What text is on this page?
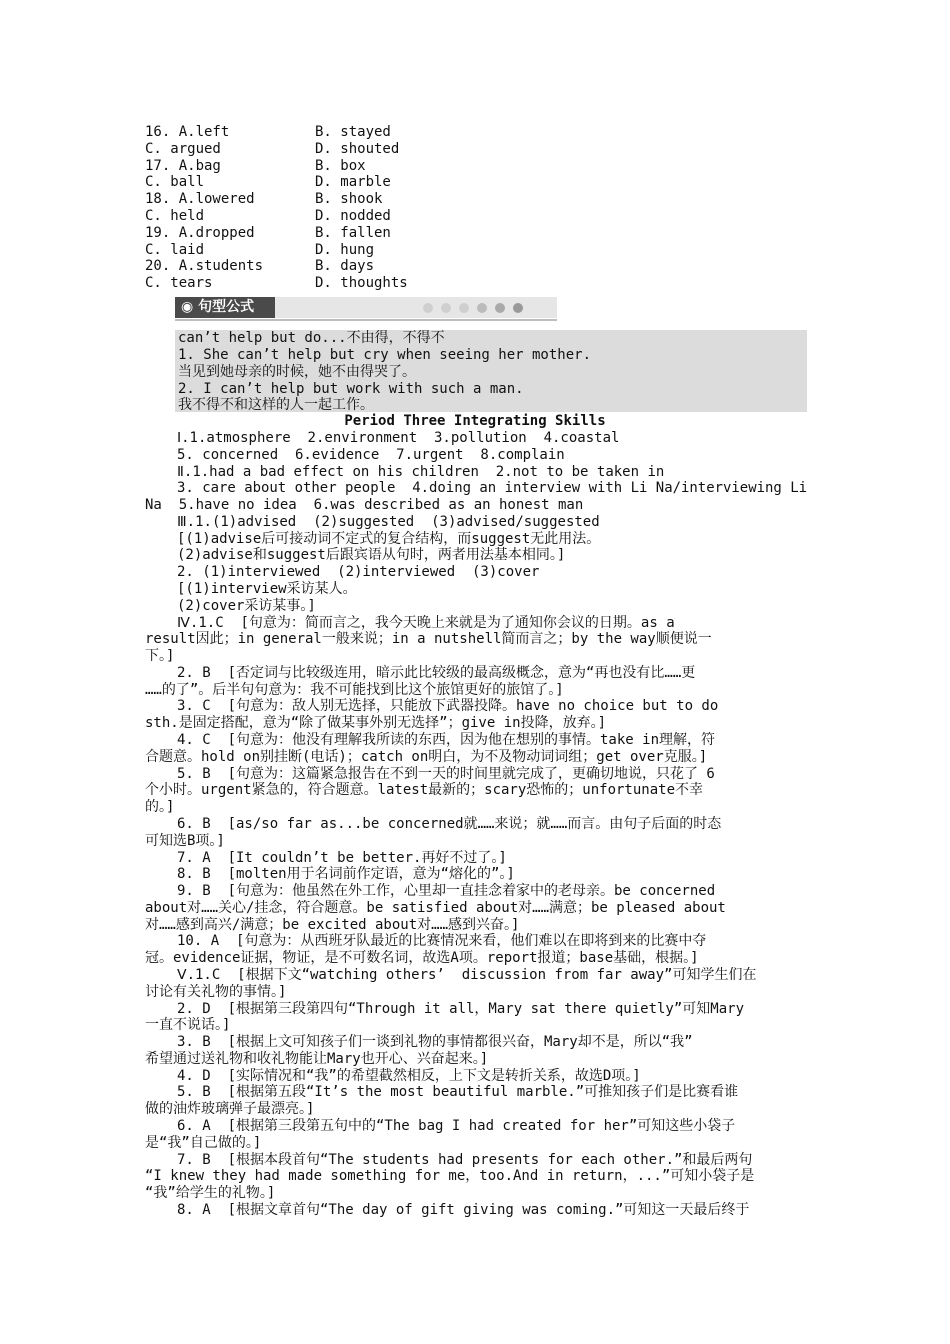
16. A.left	B. stayed
C. argued	D. shouted
17. A.bag	B. box
C. ball	D. marble
18. A.lowered	B. shook
C. held	D. nodded
19. A.dropped	B. fallen
C. laid	D. hung
20. A.students	B. days
C. tears	D. thoughts
◉ 句型公式
can’t help but do...不由得，不得不
1. She can’t help but cry when seeing her mother.
当见到她母亲的时候，她不由得哭了。
2. I can’t help but work with such a man.
我不得不和这样的人一起工作。
Period Three Integrating Skills
Ⅰ.1.atmosphere  2.environment  3.pollution  4.coastal
5. concerned  6.evidence  7.urgent  8.complain
Ⅱ.1.had a bad effect on his children  2.not to be taken in
3. care about other people  4.doing an interview with Li Na/interviewing Li
Na  5.have no idea  6.was described as an honest man
Ⅲ.1.(1)advised  (2)suggested  (3)advised/suggested
[(1)advise后可接动词不定式的复合结构，而suggest无此用法。
(2)advise和suggest后跟宾语从句时，两者用法基本相同。]
2. (1)interviewed  (2)interviewed  (3)cover
[(1)interview采访某人。
(2)cover采访某事。]
Ⅳ.1.C  [句意为：简而言之，我今天晚上来就是为了通知你会议的日期。as a
result因此；in general一般来说；in a nutshell简而言之；by the way顺便说一
下。]
2. B  [否定词与比较级连用，暗示此比较级的最高级概念，意为“再也没有比……更
……的了”。后半句句意为：我不可能找到比这个旅馆更好的旅馆了。]
3. C  [句意为：敌人别无选择，只能放下武器投降。have no choice but to do
sth.是固定搭配，意为“除了做某事外别无选择”；give in投降，放弃。]
4. C  [句意为：他没有理解我所读的东西，因为他在想别的事情。take in理解，符
合题意。hold on别挂断(电话)；catch on明白，为不及物动词词组；get over克服。]
5. B  [句意为：这篇紧急报告在不到一天的时间里就完成了，更确切地说，只花了 6
个小时。urgent紧急的，符合题意。latest最新的；scary恐怖的；unfortunate不幸
的。]
6. B  [as/so far as...be concerned就……来说；就……而言。由句子后面的时态
可知选B项。]
7. A  [It couldn’t be better.再好不过了。]
8. B  [molten用于名词前作定语，意为“熔化的”。]
9. B  [句意为：他虽然在外工作，心里却一直挂念着家中的老母亲。be concerned
about对……关心/挂念，符合题意。be satisfied about对……满意；be pleased about
对……感到高兴/满意；be excited about对……感到兴奋。]
10. A  [句意为：从西班牙队最近的比赛情况来看，他们难以在即将到来的比赛中夺
冠。evidence证据，物证，是不可数名词，故选A项。report报道；base基础，根据。]
Ⅴ.1.C  [根据下文“watching others’  discussion from far away”可知学生们在
讨论有关礼物的事情。]
2. D  [根据第三段第四句“Through it all，Mary sat there quietly”可知Mary
一直不说话。]
3. B  [根据上文可知孩子们一谈到礼物的事情都很兴奋，Mary却不是，所以“我”
希望通过送礼物和收礼物能让Mary也开心、兴奋起来。]
4. D  [实际情况和“我”的希望截然相反，上下文是转折关系，故选D项。]
5. B  [根据第五段“It’s the most beautiful marble.”可推知孩子们是比赛看谁
做的油炸玻璃弹子最漂亮。]
6. A  [根据第三段第五句中的“The bag I had created for her”可知这些小袋子
是“我”自己做的。]
7. B  [根据本段首句“The students had presents for each other.”和最后两句
“I knew they had made something for me，too.And in return，...”可知小袋子是
“我”给学生的礼物。]
8. A  [根据文章首句“The day of gift giving was coming.”可知这一天最后终于
